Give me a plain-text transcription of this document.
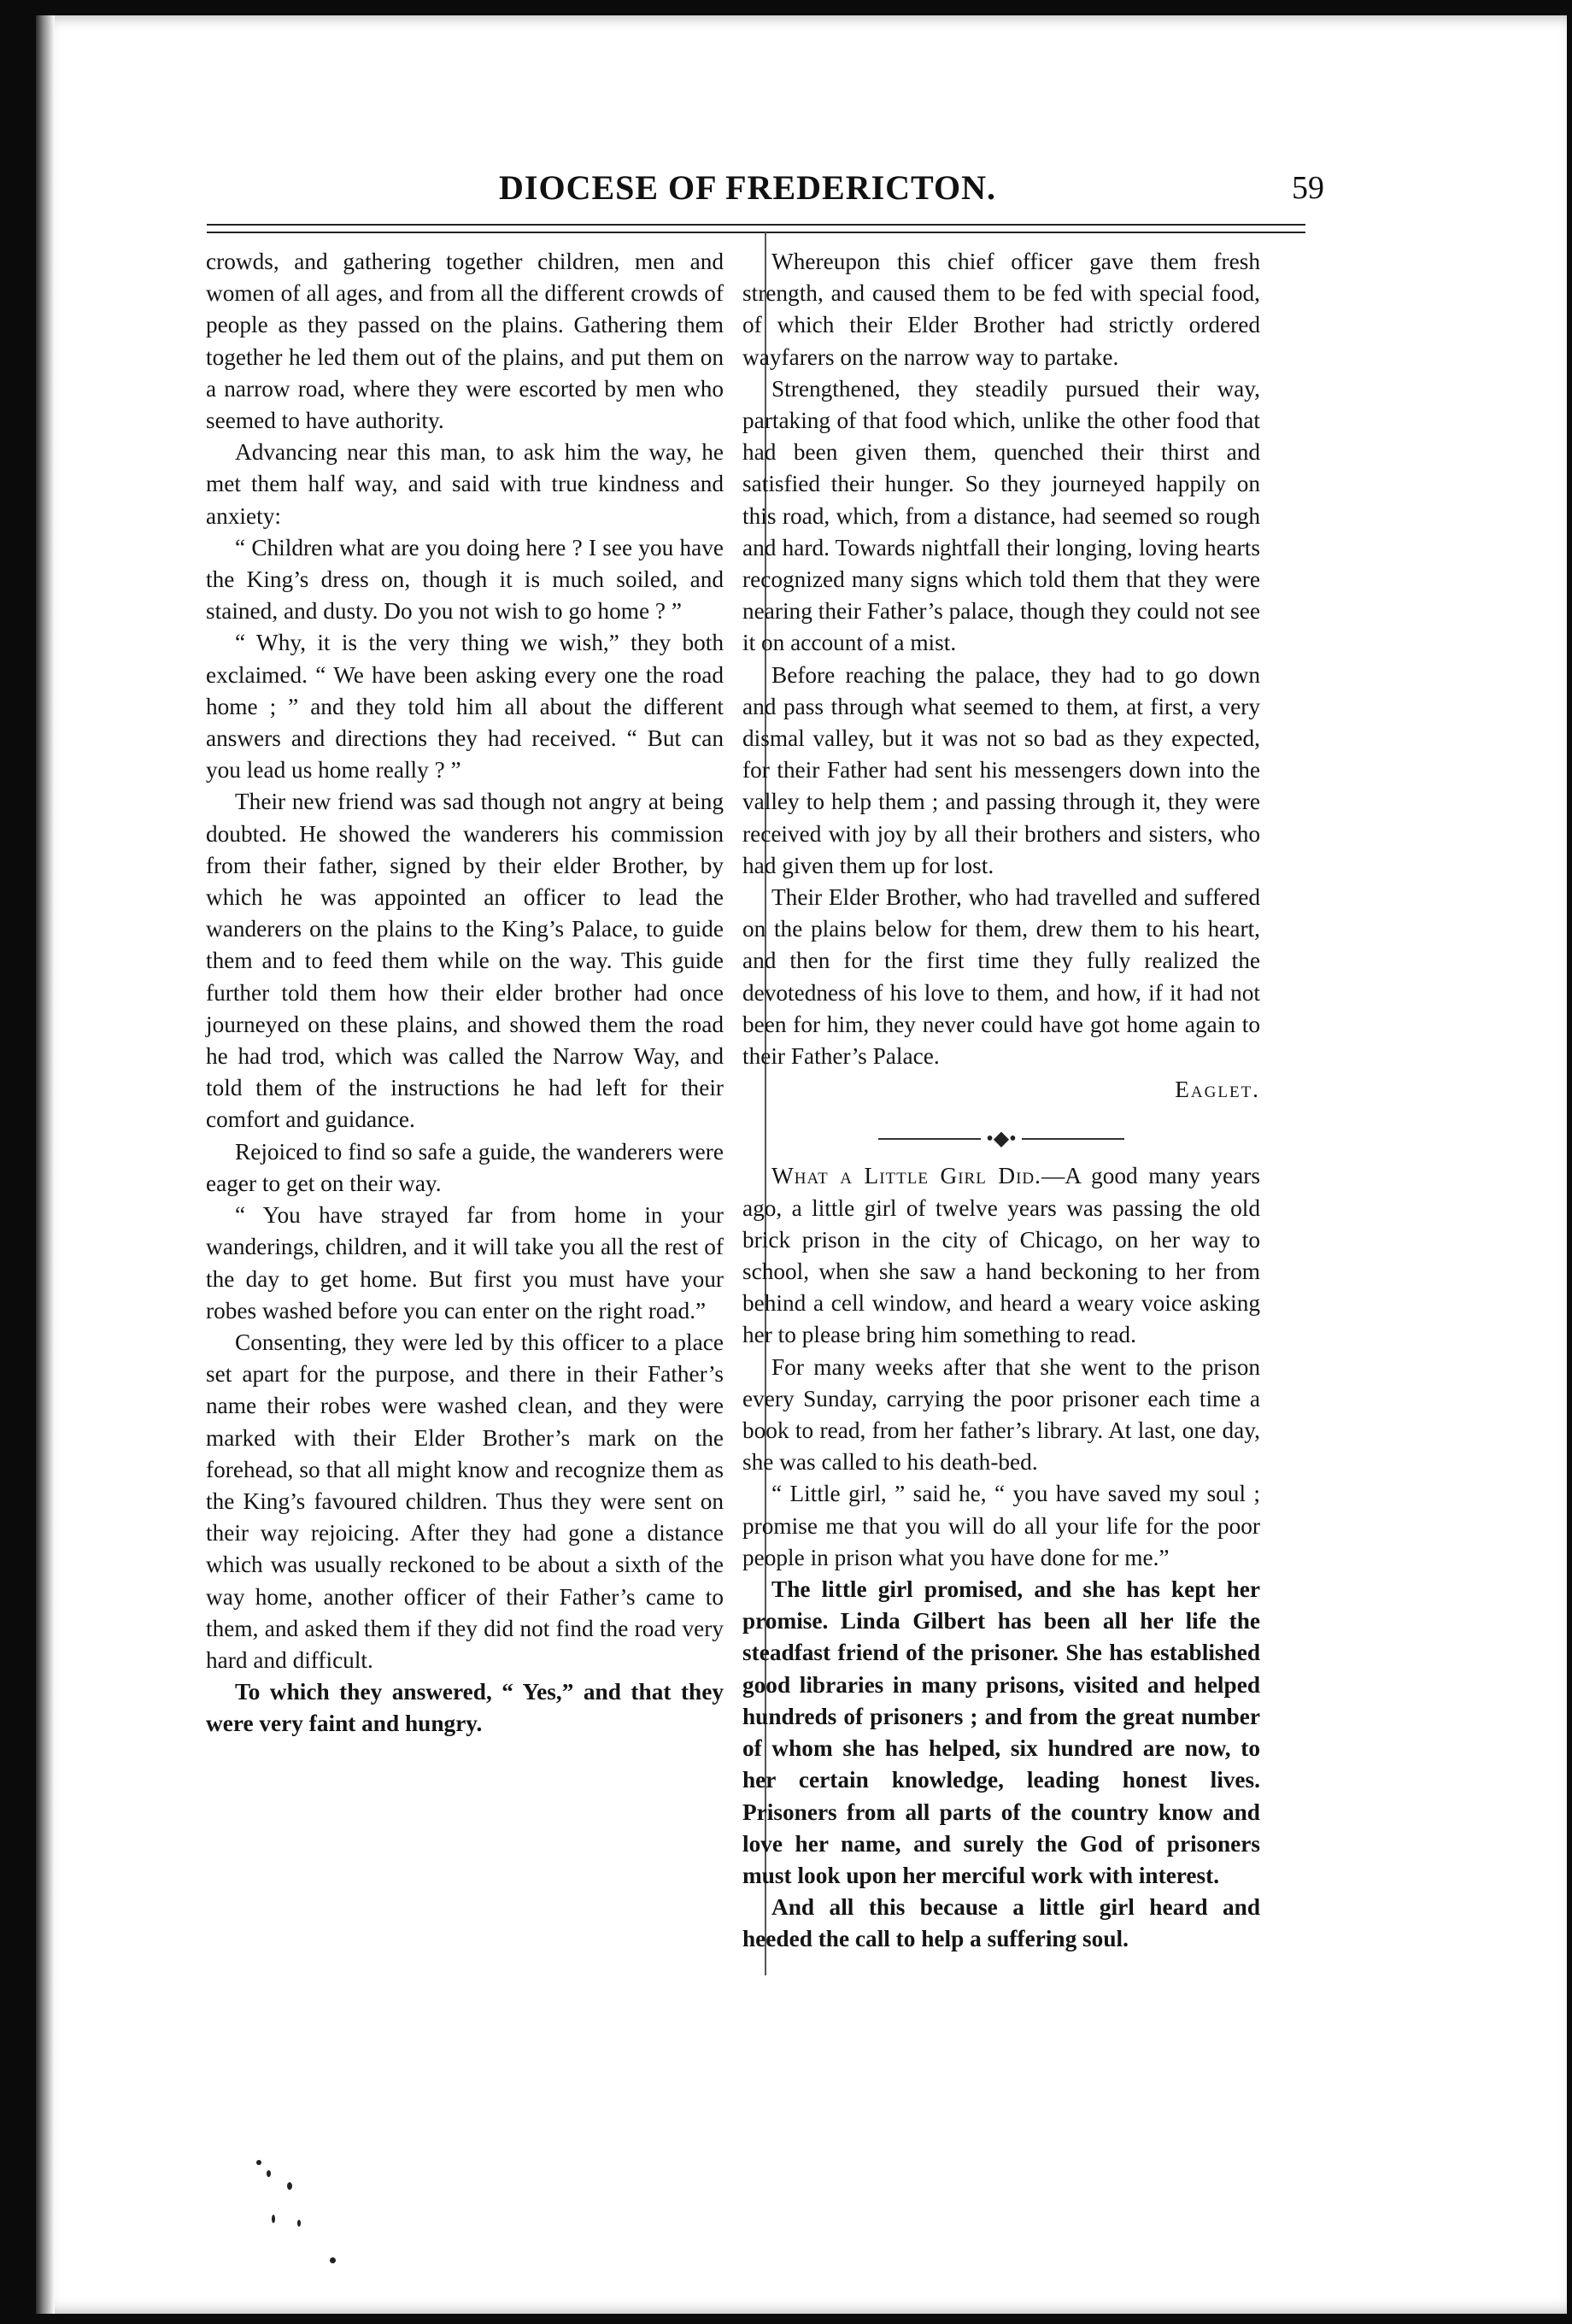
DIOCESE OF FREDERICTON.	59

crowds, and gathering together children, men and women of all ages, and from all the different crowds of people as they passed on the plains. Gathering them together he led them out of the plains, and put them on a narrow road, where they were escorted by men who seemed to have authority.

Advancing near this man, to ask him the way, he met them half way, and said with true kindness and anxiety:

“ Children what are you doing here ? I see you have the King’s dress on, though it is much soiled, and stained, and dusty. Do you not wish to go home ? ”

“ Why, it is the very thing we wish,” they both exclaimed. “ We have been asking every one the road home ; ” and they told him all about the different answers and directions they had received. “ But can you lead us home really ? ”

Their new friend was sad though not angry at being doubted. He showed the wanderers his commission from their father, signed by their elder Brother, by which he was appointed an officer to lead the wanderers on the plains to the King’s Palace, to guide them and to feed them while on the way. This guide further told them how their elder brother had once journeyed on these plains, and showed them the road he had trod, which was called the Narrow Way, and told them of the instructions he had left for their comfort and guidance.

Rejoiced to find so safe a guide, the wanderers were eager to get on their way.

“ You have strayed far from home in your wanderings, children, and it will take you all the rest of the day to get home. But first you must have your robes washed before you can enter on the right road.”

Consenting, they were led by this officer to a place set apart for the purpose, and there in their Father’s name their robes were washed clean, and they were marked with their Elder Brother’s mark on the forehead, so that all might know and recognize them as the King’s favoured children. Thus they were sent on their way rejoicing. After they had gone a distance which was usually reckoned to be about a sixth of the way home, another officer of their Father’s came to them, and asked them if they did not find the road very hard and difficult.

To which they answered, “ Yes,” and that they were very faint and hungry.

Whereupon this chief officer gave them fresh strength, and caused them to be fed with special food, of which their Elder Brother had strictly ordered wayfarers on the narrow way to partake.

Strengthened, they steadily pursued their way, partaking of that food which, unlike the other food that had been given them, quenched their thirst and satisfied their hunger. So they journeyed happily on this road, which, from a distance, had seemed so rough and hard. Towards nightfall their longing, loving hearts recognized many signs which told them that they were nearing their Father’s palace, though they could not see it on account of a mist.

Before reaching the palace, they had to go down and pass through what seemed to them, at first, a very dismal valley, but it was not so bad as they expected, for their Father had sent his messengers down into the valley to help them ; and passing through it, they were received with joy by all their brothers and sisters, who had given them up for lost.

Their Elder Brother, who had travelled and suffered on the plains below for them, drew them to his heart, and then for the first time they fully realized the devotedness of his love to them, and how, if it had not been for him, they never could have got home again to their Father’s Palace.

Eaglet.

•◆•

What a Little Girl Did.—A good many years ago, a little girl of twelve years was passing the old brick prison in the city of Chicago, on her way to school, when she saw a hand beckoning to her from behind a cell window, and heard a weary voice asking her to please bring him something to read.

For many weeks after that she went to the prison every Sunday, carrying the poor prisoner each time a book to read, from her father’s library. At last, one day, she was called to his death-bed.

“ Little girl, ” said he, “ you have saved my soul ; promise me that you will do all your life for the poor people in prison what you have done for me.”

The little girl promised, and she has kept her promise. Linda Gilbert has been all her life the steadfast friend of the prisoner. She has established good libraries in many prisons, visited and helped hundreds of prisoners ; and from the great number of whom she has helped, six hundred are now, to her certain knowledge, leading honest lives. Prisoners from all parts of the country know and love her name, and surely the God of prisoners must look upon her merciful work with interest.

And all this because a little girl heard and heeded the call to help a suffering soul.
